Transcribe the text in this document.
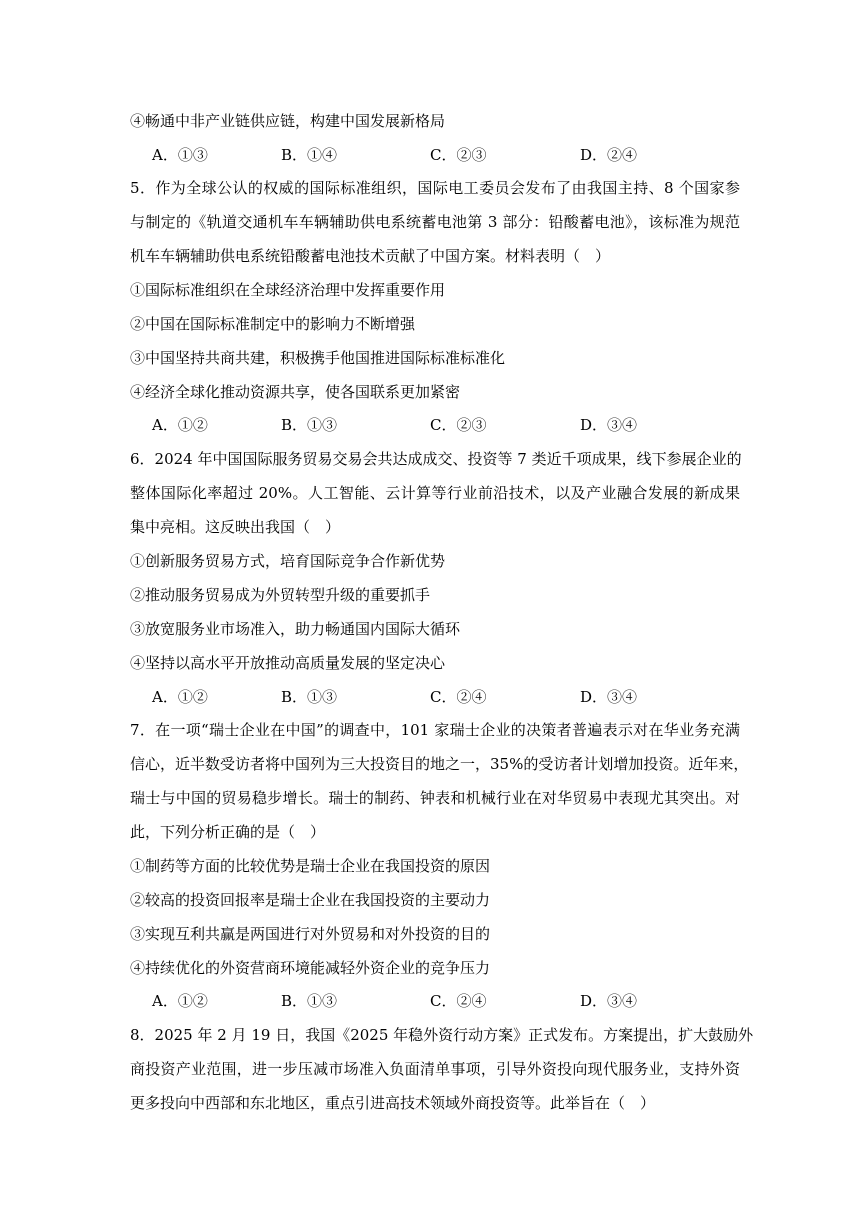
④畅通中非产业链供应链，构建中国发展新格局
A．①③	B．①④	C．②③	D．②④
5．作为全球公认的权威的国际标准组织，国际电工委员会发布了由我国主持、8 个国家参
与制定的《轨道交通机车车辆辅助供电系统蓄电池第 3 部分：铅酸蓄电池》，该标准为规范
机车车辆辅助供电系统铅酸蓄电池技术贡献了中国方案。材料表明（　）
①国际标准组织在全球经济治理中发挥重要作用
②中国在国际标准制定中的影响力不断增强
③中国坚持共商共建，积极携手他国推进国际标准标准化
④经济全球化推动资源共享，使各国联系更加紧密
A．①②	B．①③	C．②③	D．③④
6．2024 年中国国际服务贸易交易会共达成成交、投资等 7 类近千项成果，线下参展企业的
整体国际化率超过 20%。人工智能、云计算等行业前沿技术，以及产业融合发展的新成果
集中亮相。这反映出我国（　）
①创新服务贸易方式，培育国际竞争合作新优势
②推动服务贸易成为外贸转型升级的重要抓手
③放宽服务业市场准入，助力畅通国内国际大循环
④坚持以高水平开放推动高质量发展的坚定决心
A．①②	B．①③	C．②④	D．③④
7．在一项“瑞士企业在中国”的调查中，101 家瑞士企业的决策者普遍表示对在华业务充满
信心，近半数受访者将中国列为三大投资目的地之一，35%的受访者计划增加投资。近年来，
瑞士与中国的贸易稳步增长。瑞士的制药、钟表和机械行业在对华贸易中表现尤其突出。对
此，下列分析正确的是（　）
①制药等方面的比较优势是瑞士企业在我国投资的原因
②较高的投资回报率是瑞士企业在我国投资的主要动力
③实现互利共赢是两国进行对外贸易和对外投资的目的
④持续优化的外资营商环境能减轻外资企业的竞争压力
A．①②	B．①③	C．②④	D．③④
8．2025 年 2 月 19 日，我国《2025 年稳外资行动方案》正式发布。方案提出，扩大鼓励外
商投资产业范围，进一步压减市场准入负面清单事项，引导外资投向现代服务业，支持外资
更多投向中西部和东北地区，重点引进高技术领域外商投资等。此举旨在（　）
